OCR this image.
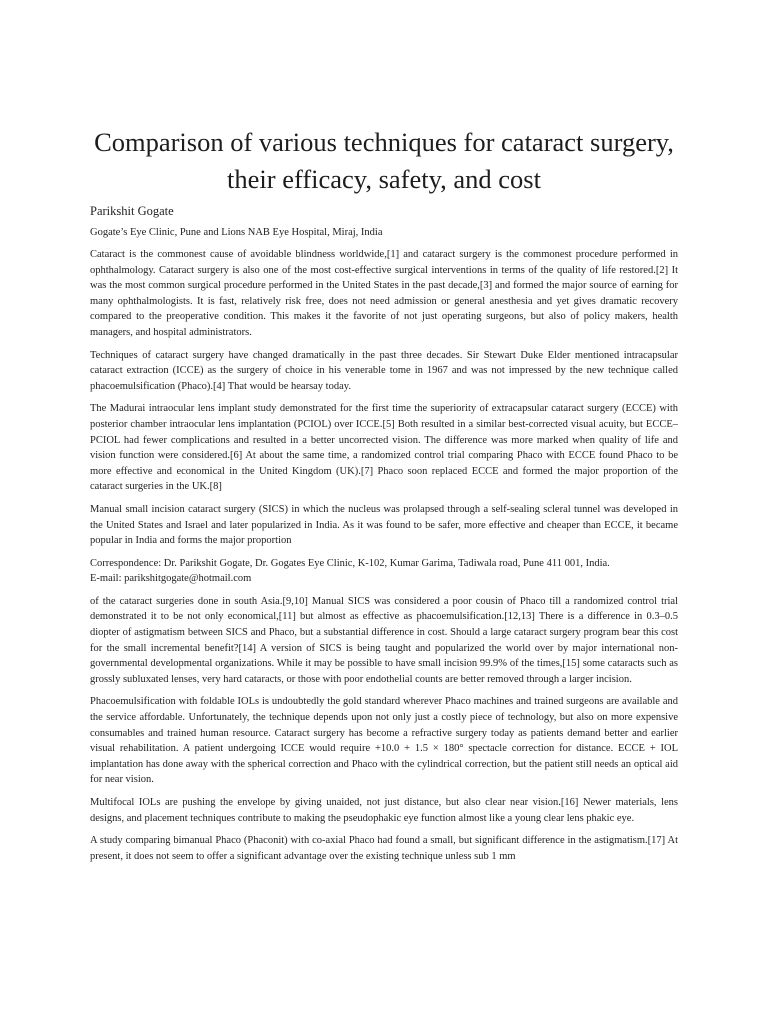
Comparison of various techniques for cataract surgery,
their efficacy, safety, and cost

Parikshit Gogate

Gogate’s Eye Clinic, Pune and Lions NAB Eye Hospital, Miraj, India

Cataract is the commonest cause of avoidable blindness worldwide,[1] and cataract surgery is the commonest procedure performed in ophthalmology. Cataract surgery is also one of the most cost-effective surgical interventions in terms of the quality of life restored.[2] It was the most common surgical procedure performed in the United States in the past decade,[3] and formed the major source of earning for many ophthalmologists. It is fast, relatively risk free, does not need admission or general anesthesia and yet gives dramatic recovery compared to the preoperative condition. This makes it the favorite of not just operating surgeons, but also of policy makers, health managers, and hospital administrators.

Techniques of cataract surgery have changed dramatically in the past three decades. Sir Stewart Duke Elder mentioned intracapsular cataract extraction (ICCE) as the surgery of choice in his venerable tome in 1967 and was not impressed by the new technique called phacoemulsification (Phaco).[4] That would be hearsay today.

The Madurai intraocular lens implant study demonstrated for the first time the superiority of extracapsular cataract surgery (ECCE) with posterior chamber intraocular lens implantation (PCIOL) over ICCE.[5] Both resulted in a similar best-corrected visual acuity, but ECCE–PCIOL had fewer complications and resulted in a better uncorrected vision. The difference was more marked when quality of life and vision function were considered.[6] At about the same time, a randomized control trial comparing Phaco with ECCE found Phaco to be more effective and economical in the United Kingdom (UK).[7] Phaco soon replaced ECCE and formed the major proportion of the cataract surgeries in the UK.[8]

Manual small incision cataract surgery (SICS) in which the nucleus was prolapsed through a self-sealing scleral tunnel was developed in the United States and Israel and later popularized in India. As it was found to be safer, more effective and cheaper than ECCE, it became popular in India and forms the major proportion

Correspondence: Dr. Parikshit Gogate, Dr. Gogates Eye Clinic, K-102, Kumar Garima, Tadiwala road, Pune 411 001, India.
E-mail: parikshitgogate@hotmail.com

of the cataract surgeries done in south Asia.[9,10] Manual SICS was considered a poor cousin of Phaco till a randomized control trial demonstrated it to be not only economical,[11] but almost as effective as phacoemulsification.[12,13] There is a difference in 0.3–0.5 diopter of astigmatism between SICS and Phaco, but a substantial difference in cost. Should a large cataract surgery program bear this cost for the small incremental benefit?[14] A version of SICS is being taught and popularized the world over by major international non-governmental developmental organizations. While it may be possible to have small incision 99.9% of the times,[15] some cataracts such as grossly subluxated lenses, very hard cataracts, or those with poor endothelial counts are better removed through a larger incision.

Phacoemulsification with foldable IOLs is undoubtedly the gold standard wherever Phaco machines and trained surgeons are available and the service affordable. Unfortunately, the technique depends upon not only just a costly piece of technology, but also on more expensive consumables and trained human resource. Cataract surgery has become a refractive surgery today as patients demand better and earlier visual rehabilitation. A patient undergoing ICCE would require +10.0 + 1.5 × 180° spectacle correction for distance. ECCE + IOL implantation has done away with the spherical correction and Phaco with the cylindrical correction, but the patient still needs an optical aid for near vision.

Multifocal IOLs are pushing the envelope by giving unaided, not just distance, but also clear near vision.[16] Newer materials, lens designs, and placement techniques contribute to making the pseudophakic eye function almost like a young clear lens phakic eye.

A study comparing bimanual Phaco (Phaconit) with co-axial Phaco had found a small, but significant difference in the astigmatism.[17] At present, it does not seem to offer a significant advantage over the existing technique unless sub 1 mm
